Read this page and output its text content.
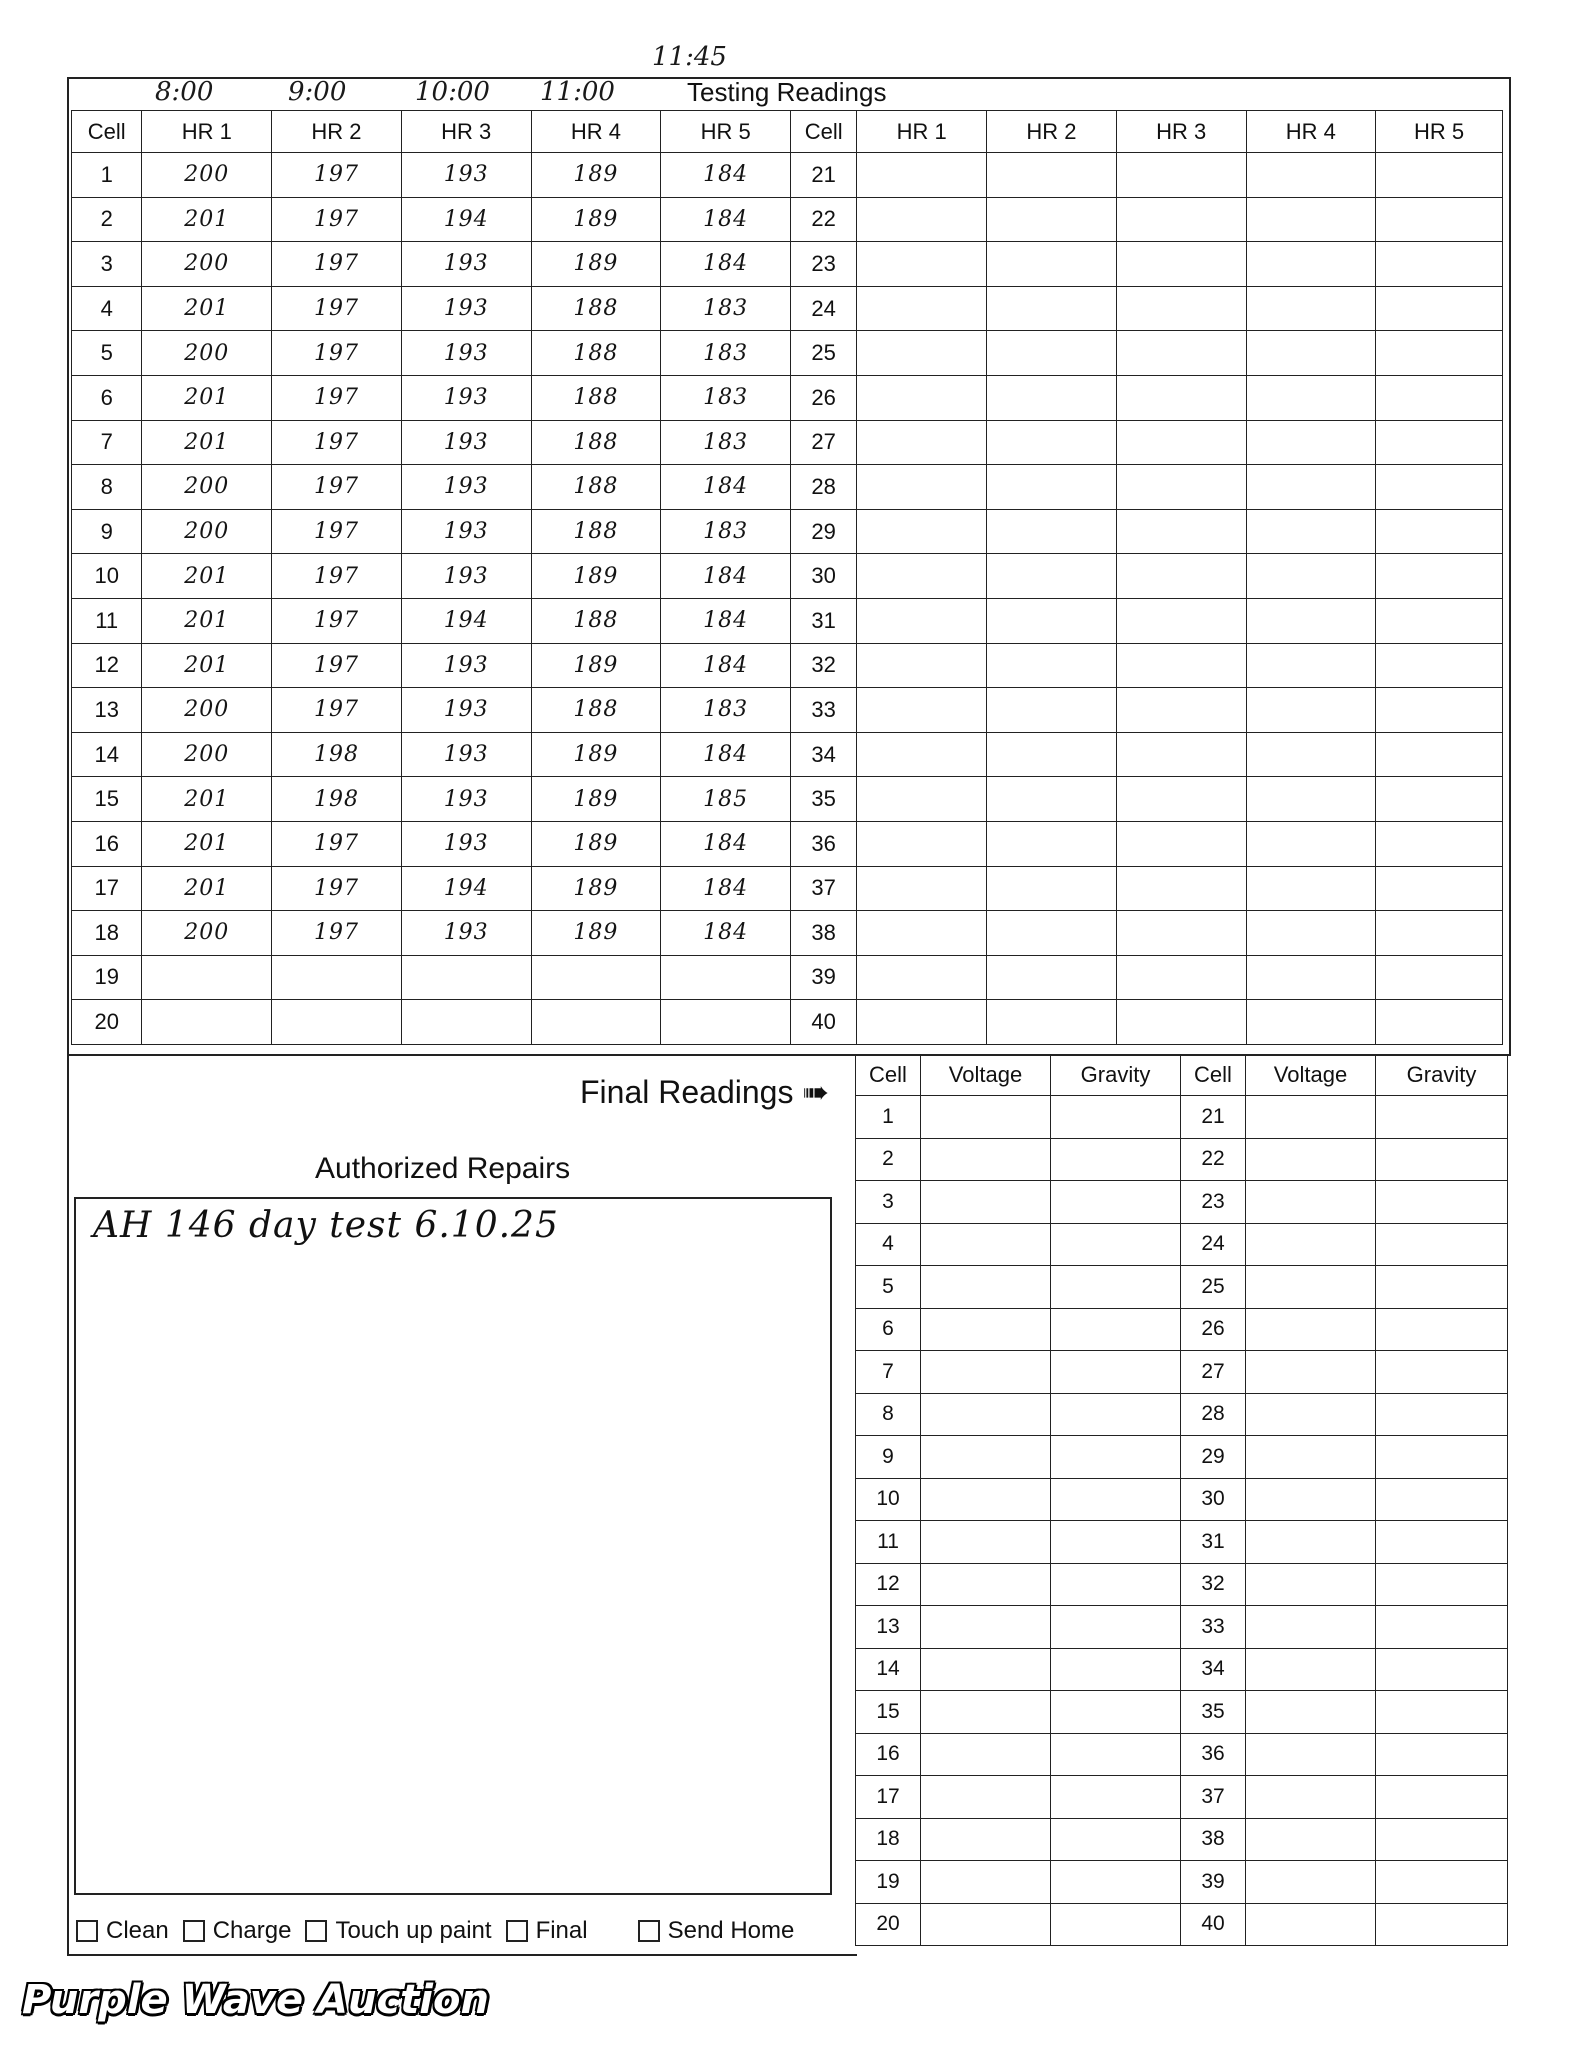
Testing Readings
8:00	9:00	10:00 11:00
11:45
Cell	HR 1	HR 2	HR 3	HR 4	HR 5	Cell	HR 1	HR 2	HR 3	HR 4	HR 5
1	200	197	193	189	184	21					
2	201	197	194	189	184	22					
3	200	197	193	189	184	23					
4	201	197	193	188	183	24					
5	200	197	193	188	183	25					
6	201	197	193	188	183	26					
7	201	197	193	188	183	27					
8	200	197	193	188	184	28					
9	200	197	193	188	183	29					
10	201	197	193	189	184	30					
11	201	197	194	188	184	31					
12	201	197	193	189	184	32					
13	200	197	193	188	183	33					
14	200	198	193	189	184	34					
15	201	198	193	189	185	35					
16	201	197	193	189	184	36					
17	201	197	194	189	184	37					
18	200	197	193	189	184	38					
19						39					
20						40					
Final Readings ➠ Cell	Voltage	Gravity	Cell	Voltage	Gravity
1			21		
2			22		
3			23		
4			24		
5			25		
6			26		
7			27		
8			28		
9			29		
10			30		
11			31		
12			32		
13			33		
14			34		
15			35		
16			36		
17			37		
18			38		
19			39		
20			40		
Authorized Repairs
AH 146 day test 6.10.25
Clean Charge Touch up paint Final	Send Home
Purple Wave Auction
